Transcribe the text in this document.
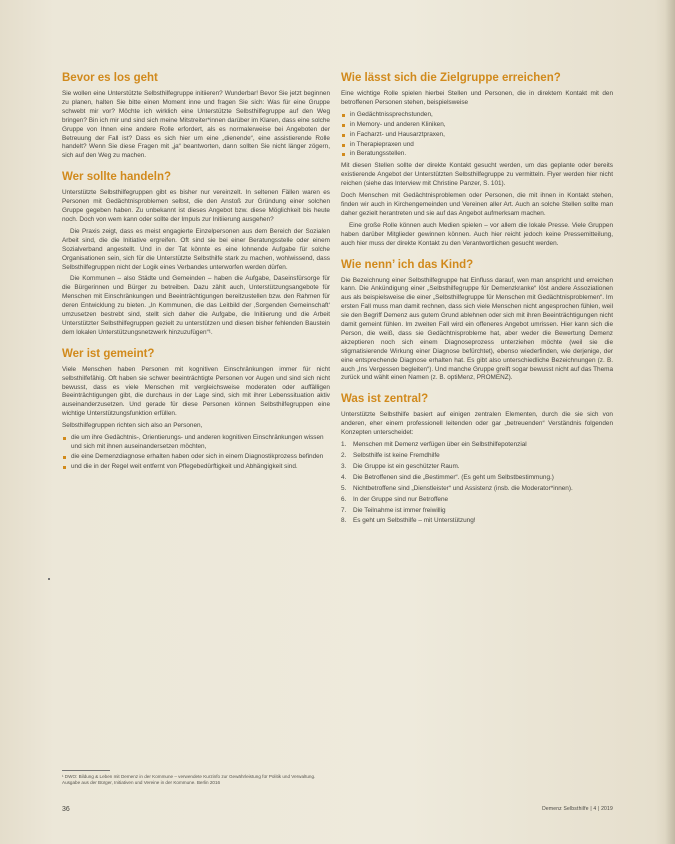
Bevor es los geht

Sie wollen eine Unterstützte Selbsthilfegruppe initiieren? Wunderbar! Bevor Sie jetzt beginnen zu planen, halten Sie bitte einen Moment inne und fragen Sie sich: Was für eine Gruppe schwebt mir vor? Möchte ich wirklich eine Unterstützte Selbsthilfegruppe auf den Weg bringen? Bin ich mir und sind sich meine Mitstreiter*innen darüber im Klaren, dass eine solche Gruppe von Ihnen eine andere Rolle erfordert, als es normalerweise bei Angeboten der Betreuung der Fall ist? Dass es sich hier um eine „dienende“, eine assistierende Rolle handelt? Wenn Sie diese Fragen mit „ja“ beantworten, dann sollten Sie nicht länger zögern, sich auf den Weg zu machen.

Wer sollte handeln?

Unterstützte Selbsthilfegruppen gibt es bisher nur vereinzelt. In seltenen Fällen waren es Personen mit Gedächtnisproblemen selbst, die den Anstoß zur Gründung einer solchen Gruppe gegeben haben. Zu unbekannt ist dieses Angebot bzw. diese Möglichkeit bis heute noch. Doch von wem kann oder sollte der Impuls zur Initiierung ausgehen?

Die Praxis zeigt, dass es meist engagierte Einzelpersonen aus dem Bereich der Sozialen Arbeit sind, die die Initiative ergreifen. Oft sind sie bei einer Beratungsstelle oder einem Sozialverband angestellt. Und in der Tat könnte es eine lohnende Aufgabe für solche Organisationen sein, sich für die Unterstützte Selbsthilfe stark zu machen, wohlwissend, dass Selbsthilfegruppen nicht der Logik eines Verbandes unterworfen werden dürfen.

Die Kommunen – also Städte und Gemeinden – haben die Aufgabe, Daseinsfürsorge für die Bürgerinnen und Bürger zu betreiben. Dazu zählt auch, Unterstützungsangebote für Menschen mit Einschränkungen und Beeinträchtigungen bereitzustellen bzw. den Rahmen für deren Entwicklung zu bieten. „In Kommunen, die das Leitbild der ‚Sorgenden Gemeinschaft‘ umzusetzen bestrebt sind, stellt sich daher die Aufgabe, die Initiierung und die Arbeit Unterstützter Selbsthilfegruppen gezielt zu unterstützen und diesen bisher fehlenden Baustein dem lokalen Unterstützungsnetzwerk hinzuzufügen“¹.

Wer ist gemeint?

Viele Menschen haben Personen mit kognitiven Einschränkungen immer für nicht selbsthilfefähig. Oft haben sie schwer beeinträchtigte Personen vor Augen und sind sich nicht bewusst, dass es viele Menschen mit vergleichsweise moderaten oder auffälligen Beeinträchtigungen gibt, die durchaus in der Lage sind, sich mit ihrer Lebenssituation aktiv auseinanderzusetzen. Und gerade für diese Personen können Selbsthilfegruppen eine wichtige Unterstützungsfunktion erfüllen.

Selbsthilfegruppen richten sich also an Personen,

die um ihre Gedächtnis-, Orientierungs- und anderen kognitiven Einschränkungen wissen und sich mit ihnen auseinandersetzen möchten,
die eine Demenzdiagnose erhalten haben oder sich in einem Diagnostikprozess befinden
und die in der Regel weit entfernt von Pflegebedürftigkeit und Abhängigkeit sind.
Wie lässt sich die Zielgruppe erreichen?

Eine wichtige Rolle spielen hierbei Stellen und Personen, die in direktem Kontakt mit den betroffenen Personen stehen, beispielsweise

in Gedächtnissprechstunden,
in Memory- und anderen Kliniken,
in Facharzt- und Hausarztpraxen,
in Therapiepraxen und
in Beratungsstellen.

Mit diesen Stellen sollte der direkte Kontakt gesucht werden, um das geplante oder bereits existierende Angebot der Unterstützten Selbsthilfegruppe zu vermitteln. Flyer werden hier nicht reichen (siehe das Interview mit Christine Panzer, S. 101).

Doch Menschen mit Gedächtnisproblemen oder Personen, die mit ihnen in Kontakt stehen, finden wir auch in Kirchengemeinden und Vereinen aller Art. Auch an solche Stellen sollte man daher gezielt herantreten und sie auf das Angebot aufmerksam machen.

Eine große Rolle können auch Medien spielen – vor allem die lokale Presse. Viele Gruppen haben darüber Mitglieder gewinnen können. Auch hier reicht jedoch keine Pressemitteilung, auch hier muss der direkte Kontakt zu den Verantwortlichen gesucht werden.

Wie nenn’ ich das Kind?

Die Bezeichnung einer Selbsthilfegruppe hat Einfluss darauf, wen man anspricht und erreichen kann. Die Ankündigung einer „Selbsthilfegruppe für Demenzkranke“ löst andere Assoziationen aus als beispielsweise die einer „Selbsthilfegruppe für Menschen mit Gedächtnisproblemen“. Im ersten Fall muss man damit rechnen, dass sich viele Menschen nicht angesprochen fühlen, weil sie den Begriff Demenz aus gutem Grund ablehnen oder sich mit ihren Beeinträchtigungen nicht damit gemeint fühlen. Im zweiten Fall wird ein offeneres Angebot umrissen. Hier kann sich die Person, die weiß, dass sie Gedächtnisprobleme hat, aber weder die Bewertung Demenz akzeptieren noch sich einem Diagnoseprozess unterziehen möchte (weil sie die stigmatisierende Wirkung einer Diagnose befürchtet), ebenso wiederfinden, wie derjenige, der eine entsprechende Diagnose erhalten hat. Es gibt also unterschiedliche Bezeichnungen (z. B. auch „Ins Vergessen begleiten“). Und manche Gruppe greift sogar bewusst nicht auf das Thema zurück und wählt einen Namen (z. B. optiMenz, PROMENZ).

Was ist zentral?

Unterstützte Selbsthilfe basiert auf einigen zentralen Elementen, durch die sie sich von anderen, eher einem professionell leitenden oder gar „betreuenden“ Verständnis folgenden Konzepten unterscheidet:

1.	Menschen mit Demenz verfügen über ein Selbsthilfepotenzial
2.	Selbsthilfe ist keine Fremdhilfe
3.	Die Gruppe ist ein geschützter Raum.
4.	Die Betroffenen sind die „Bestimmer“. (Es geht um Selbstbestimmung.)
5.	Nichtbetroffene sind „Dienstleister“ und Assistenz (insb. die Moderator*innen).
6.	In der Gruppe sind nur Betroffene
7.	Die Teilnahme ist immer freiwillig
8.	Es geht um Selbsthilfe – mit Unterstützung!
¹ DWO: Bildung & Leben mit Demenz in der Kommune – verwendete Kurzinfo zur Gewährleistung für Politik und Verwaltung. Ausgabe aus der Bürger, Initiativen und Vereine in der Kommune. Berlin 2016
36	Demenz Selbsthilfe | 4 | 2019
